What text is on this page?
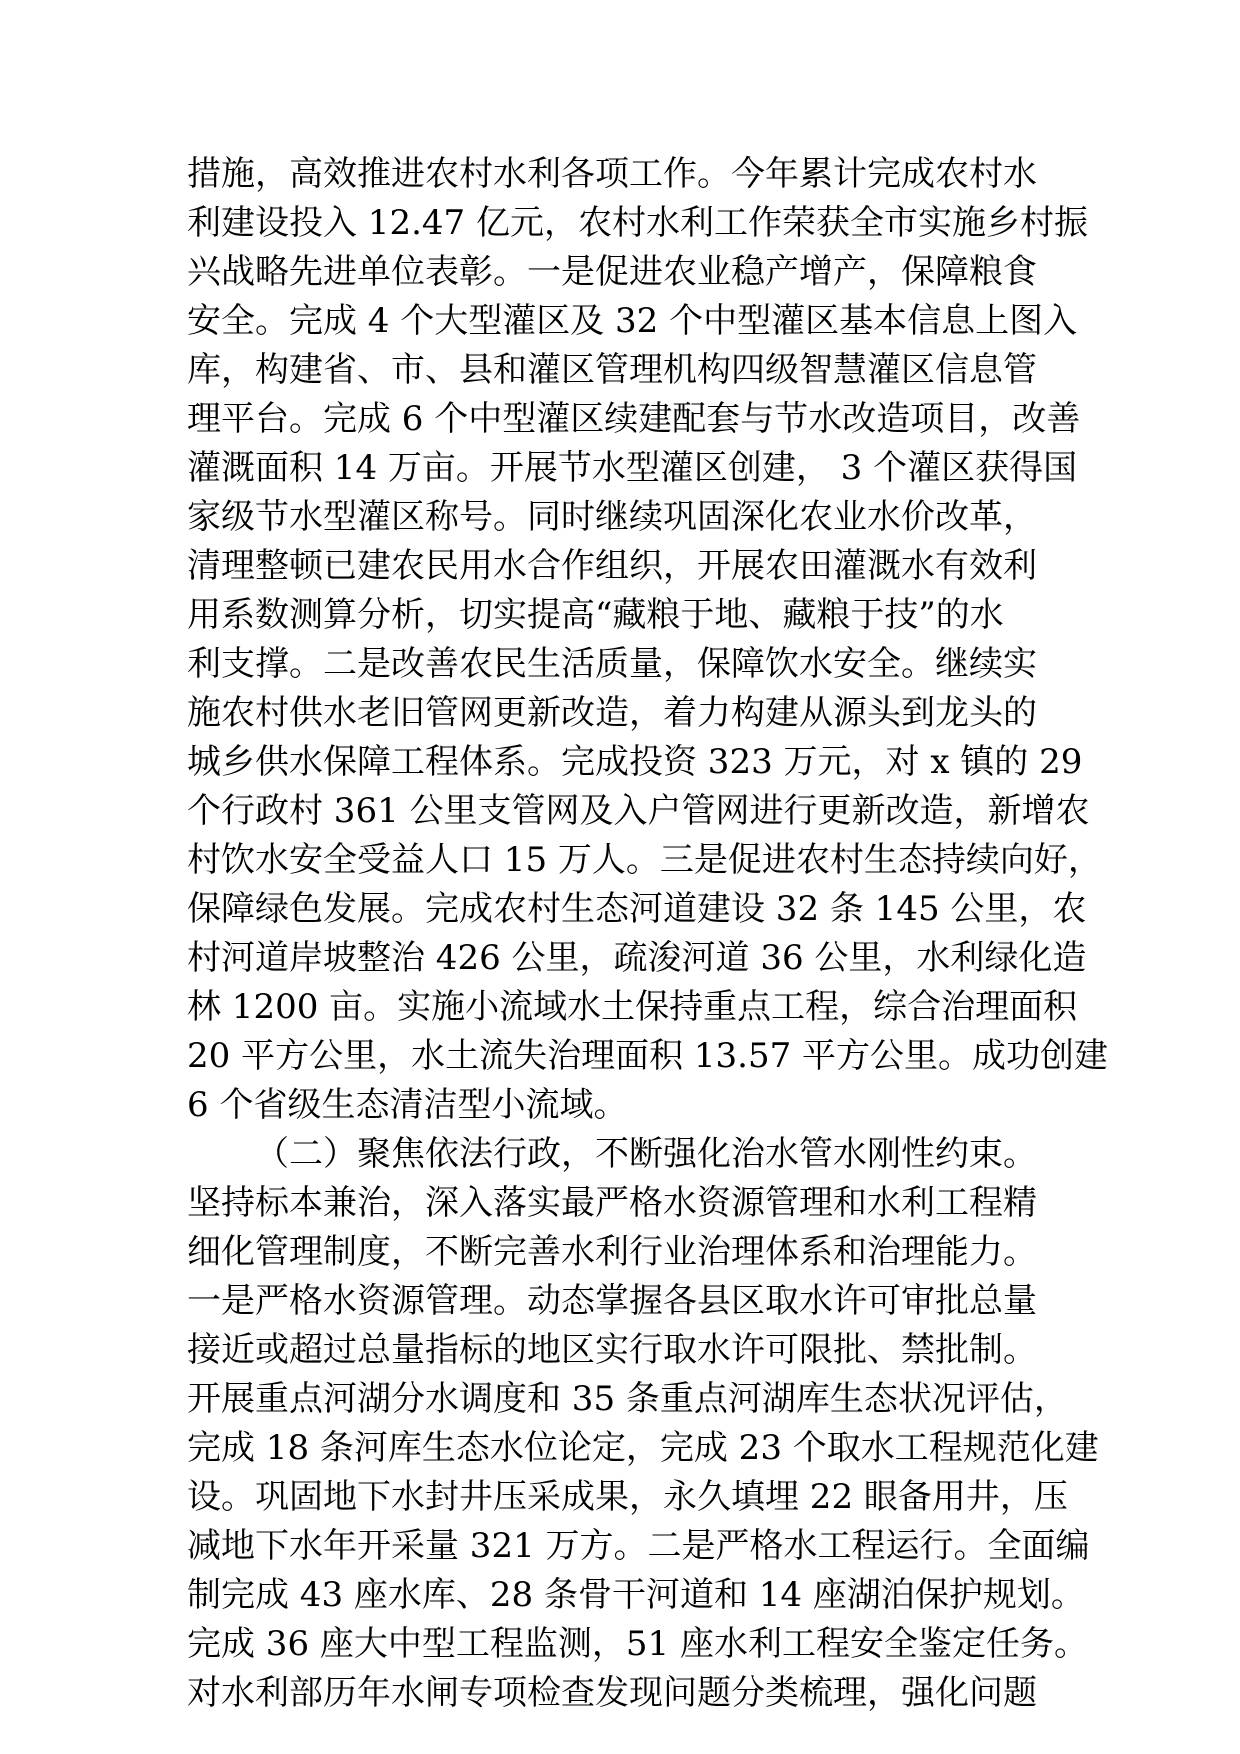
措施，高效推进农村水利各项工作。今年累计完成农村水
利建设投入 12.47 亿元，农村水利工作荣获全市实施乡村振
兴战略先进单位表彰。一是促进农业稳产增产，保障粮食
安全。完成 4 个大型灌区及 32 个中型灌区基本信息上图入
库，构建省、市、县和灌区管理机构四级智慧灌区信息管
理平台。完成 6 个中型灌区续建配套与节水改造项目，改善
灌溉面积 14 万亩。开展节水型灌区创建， 3 个灌区获得国
家级节水型灌区称号。同时继续巩固深化农业水价改革，
清理整顿已建农民用水合作组织，开展农田灌溉水有效利
用系数测算分析，切实提高“藏粮于地、藏粮于技”的水
利支撑。二是改善农民生活质量，保障饮水安全。继续实
施农村供水老旧管网更新改造，着力构建从源头到龙头的
城乡供水保障工程体系。完成投资 323 万元，对 x 镇的 29
个行政村 361 公里支管网及入户管网进行更新改造，新增农
村饮水安全受益人口 15 万人。三是促进农村生态持续向好，
保障绿色发展。完成农村生态河道建设 32 条 145 公里，农
村河道岸坡整治 426 公里，疏浚河道 36 公里，水利绿化造
林 1200 亩。实施小流域水土保持重点工程，综合治理面积
20 平方公里，水土流失治理面积 13.57 平方公里。成功创建
6 个省级生态清洁型小流域。
（二）聚焦依法行政，不断强化治水管水刚性约束。
坚持标本兼治，深入落实最严格水资源管理和水利工程精
细化管理制度，不断完善水利行业治理体系和治理能力。
一是严格水资源管理。动态掌握各县区取水许可审批总量
接近或超过总量指标的地区实行取水许可限批、禁批制。
开展重点河湖分水调度和 35 条重点河湖库生态状况评估，
完成 18 条河库生态水位论定，完成 23 个取水工程规范化建
设。巩固地下水封井压采成果，永久填埋 22 眼备用井，压
减地下水年开采量 321 万方。二是严格水工程运行。全面编
制完成 43 座水库、28 条骨干河道和 14 座湖泊保护规划。
完成 36 座大中型工程监测，51 座水利工程安全鉴定任务。
对水利部历年水闸专项检查发现问题分类梳理，强化问题
